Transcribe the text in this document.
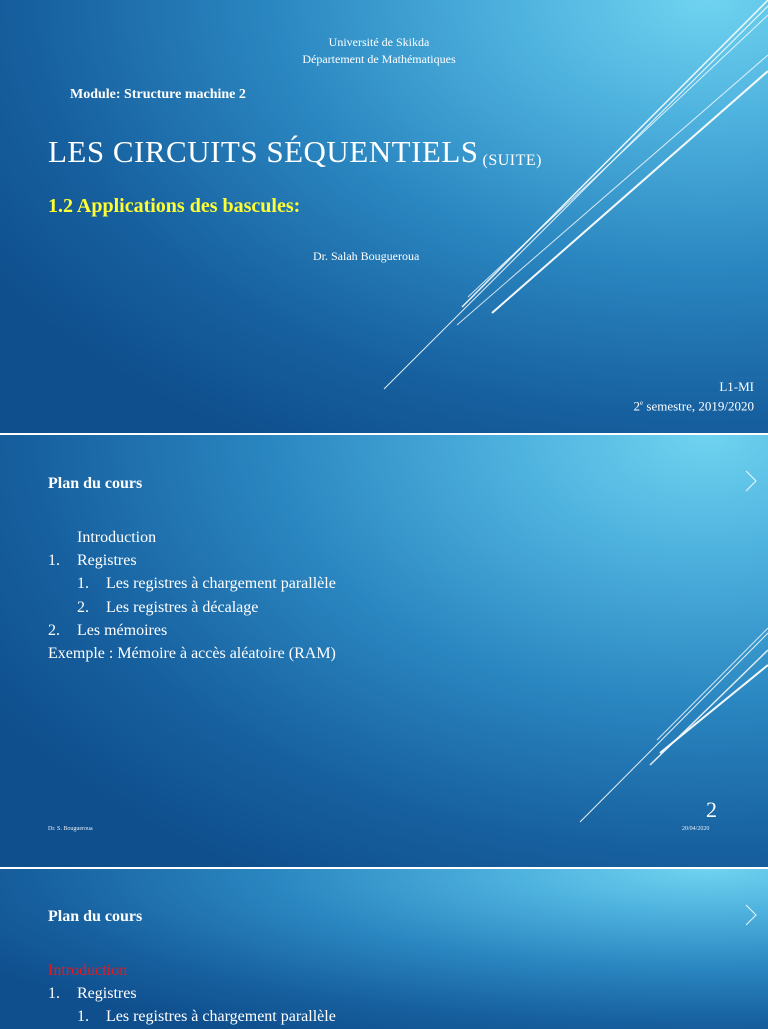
Université de Skikda
Département de Mathématiques
Module: Structure machine 2
LES CIRCUITS SÉQUENTIELS (SUITE)
1.2 Applications des bascules:
Dr. Salah Bougueroua
L1-MI
2e semestre, 2019/2020
Plan du cours
Introduction
1. Registres
1. Les registres à chargement parallèle
2. Les registres à décalage
2. Les mémoires
Exemple : Mémoire à accès aléatoire (RAM)
2
Dr. S. Bougueroua	20/04/2020
Plan du cours
Introduction
1. Registres
1. Les registres à chargement parallèle
